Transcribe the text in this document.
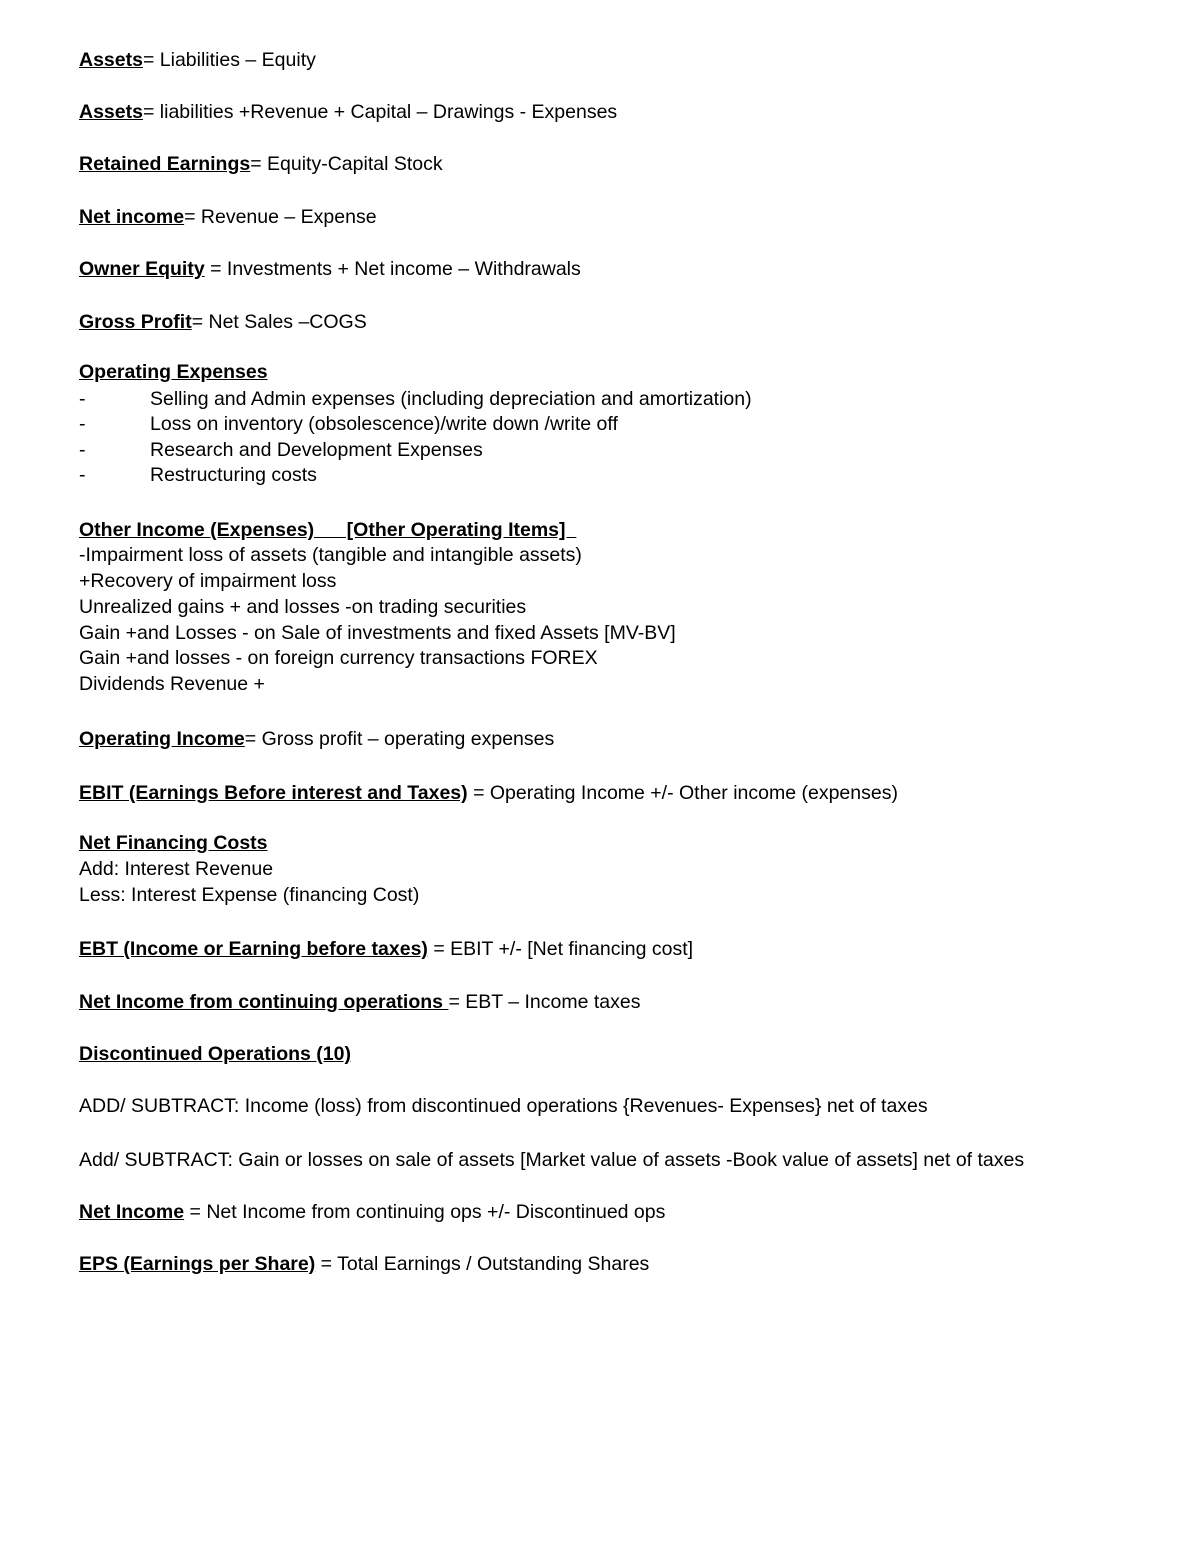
Assets= Liabilities – Equity
Assets= liabilities +Revenue + Capital – Drawings - Expenses
Retained Earnings= Equity-Capital Stock
Net income= Revenue – Expense
Owner Equity = Investments + Net income – Withdrawals
Gross Profit= Net Sales –COGS
Operating Expenses
-	Selling and Admin expenses (including depreciation and amortization)
-	Loss on inventory (obsolescence)/write down /write off
-	Research and Development Expenses
-	Restructuring costs
Other Income (Expenses)      [Other Operating Items]
-Impairment loss of assets (tangible and intangible assets)
+Recovery of impairment loss
Unrealized gains + and losses -on trading securities
Gain +and Losses - on Sale of investments and fixed Assets [MV-BV]
Gain +and losses - on foreign currency transactions FOREX
Dividends Revenue +
Operating Income= Gross profit – operating expenses
EBIT (Earnings Before interest and Taxes) = Operating Income +/- Other income (expenses)
Net Financing Costs
Add: Interest Revenue
Less: Interest Expense (financing Cost)
EBT (Income or Earning before taxes) = EBIT +/- [Net financing cost]
Net Income from continuing operations = EBT – Income taxes
Discontinued Operations (10)
ADD/ SUBTRACT: Income (loss) from discontinued operations {Revenues- Expenses} net of taxes
Add/ SUBTRACT: Gain or losses on sale of assets [Market value of assets -Book value of assets] net of taxes
Net Income = Net Income from continuing ops +/- Discontinued ops
EPS (Earnings per Share) = Total Earnings / Outstanding Shares
